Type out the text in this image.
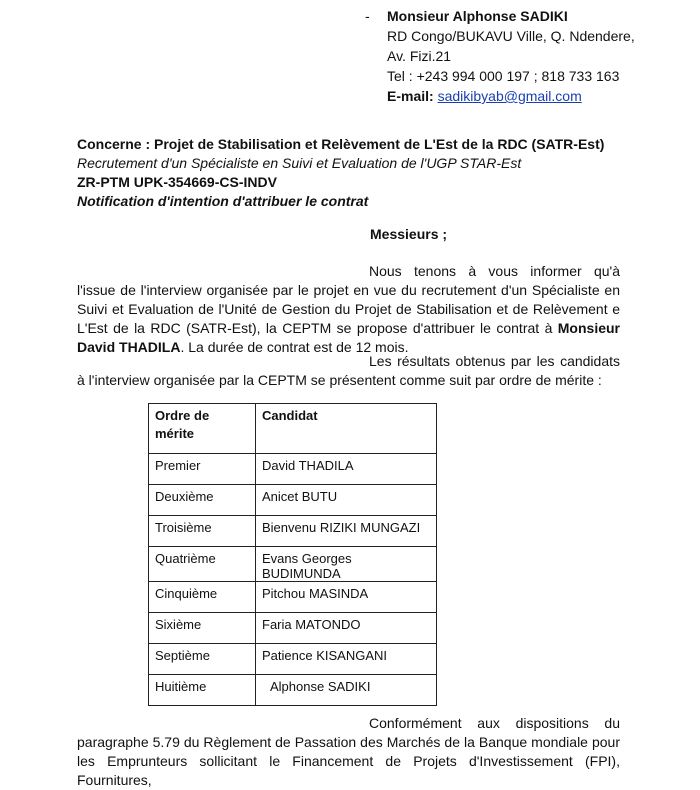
- Monsieur Alphonse SADIKI
RD Congo/BUKAVU Ville, Q. Ndendere,
Av. Fizi.21
Tel : +243 994 000 197 ; 818 733 163
E-mail: sadikibyab@gmail.com
Concerne : Projet de Stabilisation et Relèvement de L'Est de la RDC (SATR-Est)
Recrutement d'un Spécialiste en Suivi et Evaluation de l'UGP STAR-Est
ZR-PTM UPK-354669-CS-INDV
Notification d'intention d'attribuer le contrat
Messieurs ;
Nous tenons à vous informer qu'à l'issue de l'interview organisée par le projet en vue du recrutement d'un Spécialiste en Suivi et Evaluation de l'Unité de Gestion du Projet de Stabilisation et de Relèvement e L'Est de la RDC (SATR-Est), la CEPTM se propose d'attribuer le contrat à Monsieur David THADILA. La durée de contrat est de 12 mois.
Les résultats obtenus par les candidats à l'interview organisée par la CEPTM se présentent comme suit par ordre de mérite :
Ordre de mérite	Candidat
Premier	David THADILA
Deuxième	Anicet BUTU
Troisième	Bienvenu RIZIKI MUNGAZI
Quatrième	Evans Georges BUDIMUNDA
Cinquième	Pitchou MASINDA
Sixième	Faria MATONDO
Septième	Patience KISANGANI
Huitième	Alphonse SADIKI
Conformément aux dispositions du paragraphe 5.79 du Règlement de Passation des Marchés de la Banque mondiale pour les Emprunteurs sollicitant le Financement de Projets d'Investissement (FPI), Fournitures,
